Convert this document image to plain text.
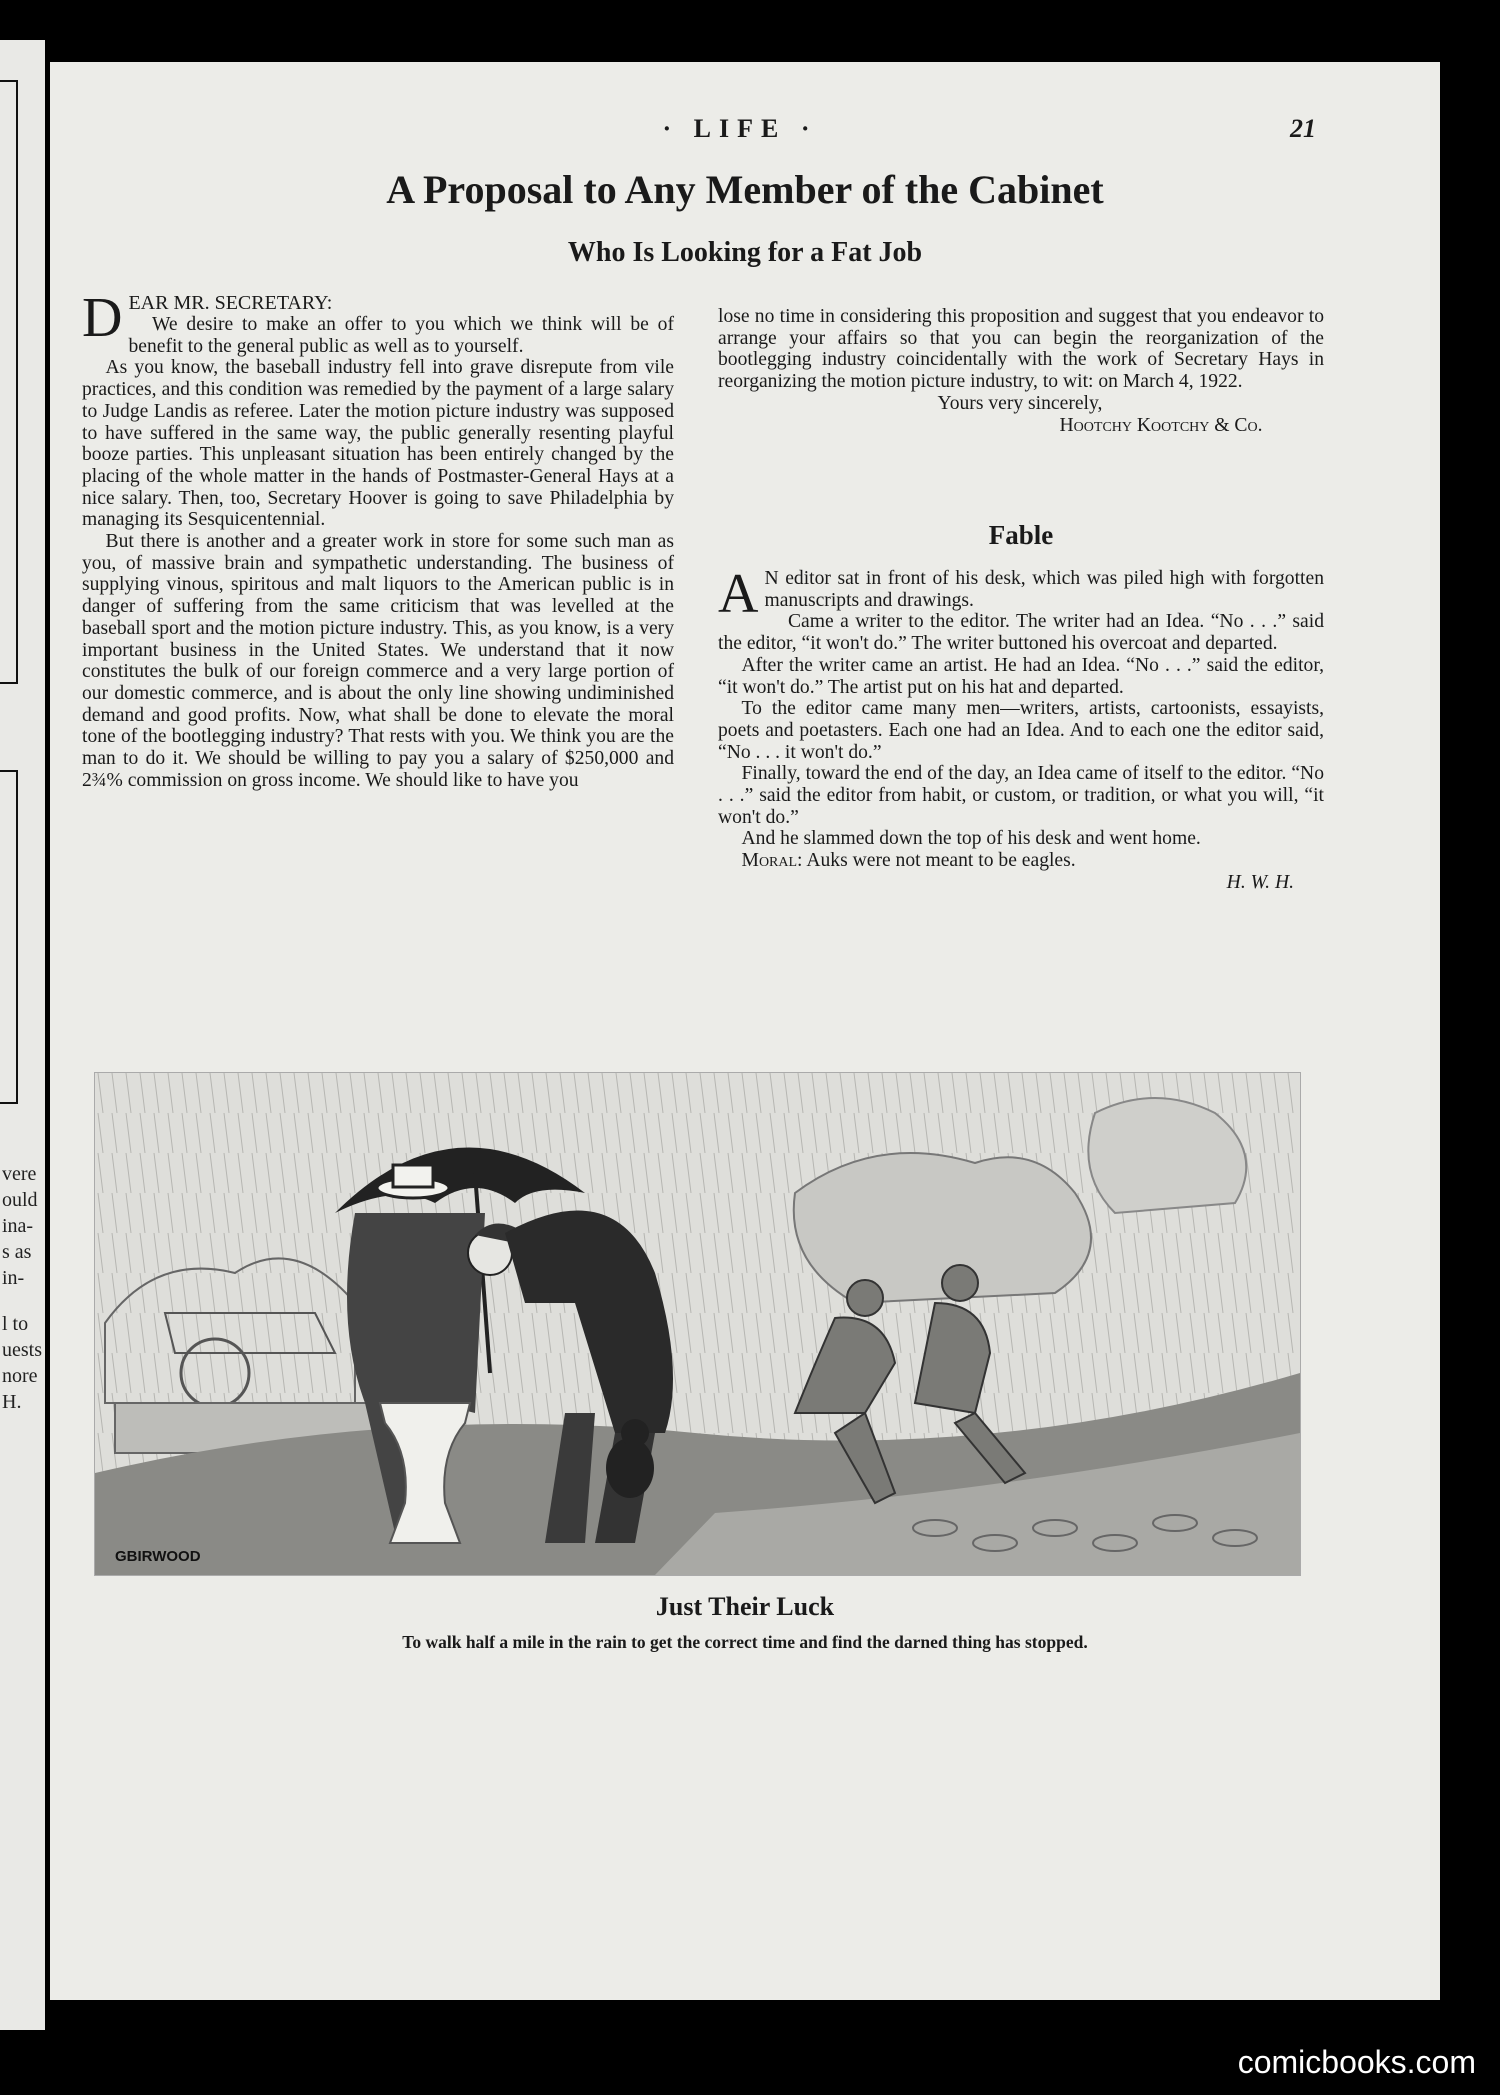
vere
ould
ina-
s as
in-
l to
uests
nore
H.
· LIFE ·	21
A Proposal to Any Member of the Cabinet
Who Is Looking for a Fat Job

DEAR MR. SECRETARY:

We desire to make an offer to you which we think will be of benefit to the general public as well as to yourself.

As you know, the baseball industry fell into grave disrepute from vile practices, and this condition was remedied by the payment of a large salary to Judge Landis as referee. Later the motion picture industry was supposed to have suffered in the same way, the public generally resenting playful booze parties. This unpleasant situation has been entirely changed by the placing of the whole matter in the hands of Postmaster-General Hays at a nice salary. Then, too, Secretary Hoover is going to save Philadelphia by managing its Sesquicentennial.

But there is another and a greater work in store for some such man as you, of massive brain and sympathetic understanding. The business of supplying vinous, spiritous and malt liquors to the American public is in danger of suffering from the same criticism that was levelled at the baseball sport and the motion picture industry. This, as you know, is a very important business in the United States. We understand that it now constitutes the bulk of our foreign commerce and a very large portion of our domestic commerce, and is about the only line showing undiminished demand and good profits. Now, what shall be done to elevate the moral tone of the bootlegging industry? That rests with you. We think you are the man to do it. We should be willing to pay you a salary of $250,000 and 2¾% commission on gross income. We should like to have you

lose no time in considering this proposition and suggest that you endeavor to arrange your affairs so that you can begin the reorganization of the bootlegging industry coincidentally with the work of Secretary Hays in reorganizing the motion picture industry, to wit: on March 4, 1922.

Yours very sincerely,

Hootchy Kootchy & Co.

Fable

A N editor sat in front of his desk, which was piled high with forgotten manuscripts and drawings.

Came a writer to the editor. The writer had an Idea. “No . . .” said the editor, “it won't do.” The writer buttoned his overcoat and departed.

After the writer came an artist. He had an Idea. “No . . .” said the editor, “it won't do.” The artist put on his hat and departed.

To the editor came many men—writers, artists, cartoonists, essayists, poets and poetasters. Each one had an Idea. And to each one the editor said, “No . . . it won't do.”

Finally, toward the end of the day, an Idea came of itself to the editor. “No . . .” said the editor from habit, or custom, or tradition, or what you will, “it won't do.”

And he slammed down the top of his desk and went home.

Moral: Auks were not meant to be eagles.

H. W. H.

GBIRWOOD
Just Their Luck

To walk half a mile in the rain to get the correct time and find the darned thing has stopped.

comicbooks.com
